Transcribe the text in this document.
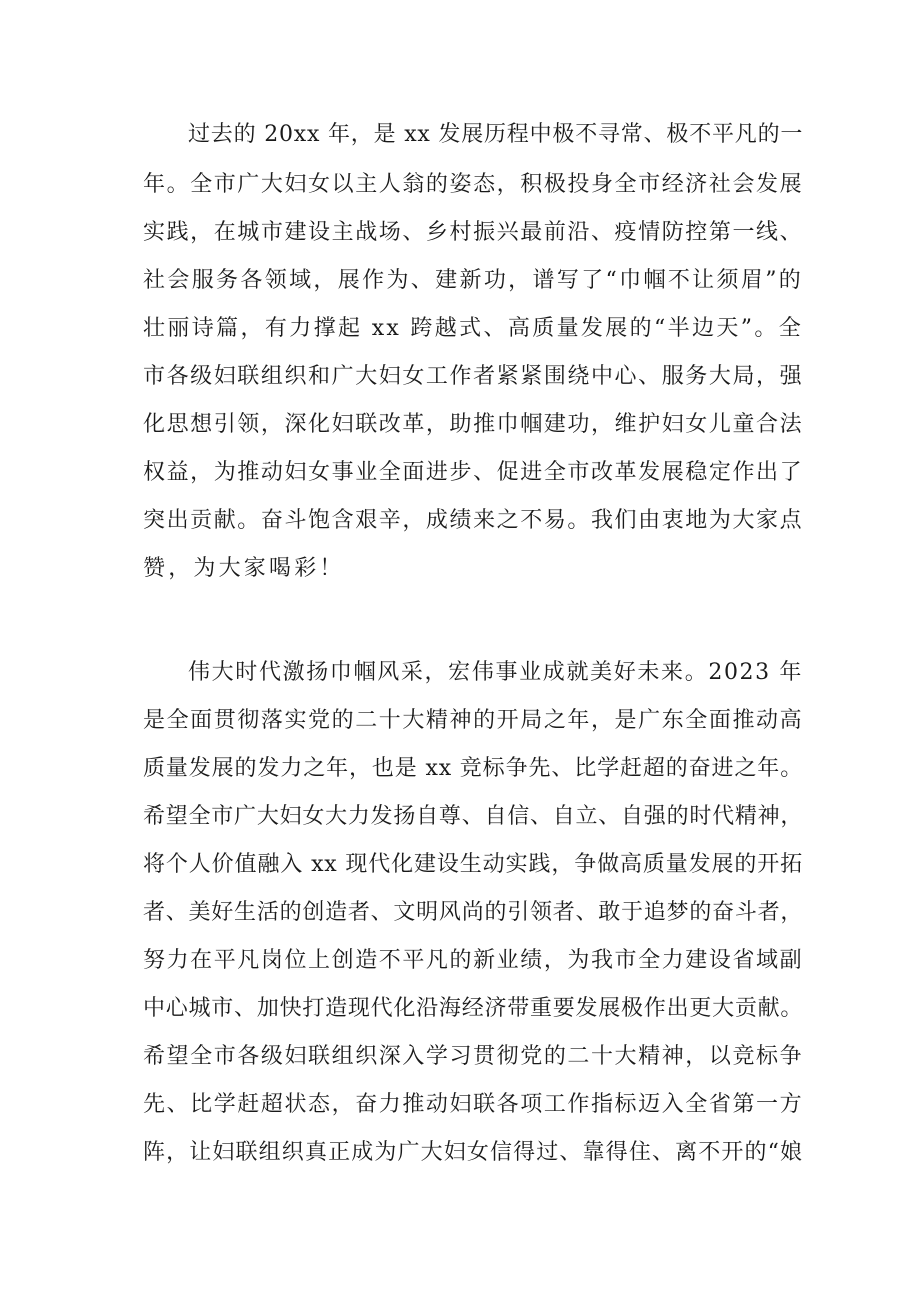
过去的 20xx 年，是 xx 发展历程中极不寻常、极不平凡的一
年。全市广大妇女以主人翁的姿态，积极投身全市经济社会发展
实践，在城市建设主战场、乡村振兴最前沿、疫情防控第一线、
社会服务各领域，展作为、建新功，谱写了“巾帼不让须眉”的
壮丽诗篇，有力撑起 xx 跨越式、高质量发展的“半边天”。全
市各级妇联组织和广大妇女工作者紧紧围绕中心、服务大局，强
化思想引领，深化妇联改革，助推巾帼建功，维护妇女儿童合法
权益，为推动妇女事业全面进步、促进全市改革发展稳定作出了
突出贡献。奋斗饱含艰辛，成绩来之不易。我们由衷地为大家点
赞，为大家喝彩！
伟大时代激扬巾帼风采，宏伟事业成就美好未来。2023 年
是全面贯彻落实党的二十大精神的开局之年，是广东全面推动高
质量发展的发力之年，也是 xx 竞标争先、比学赶超的奋进之年。
希望全市广大妇女大力发扬自尊、自信、自立、自强的时代精神，
将个人价值融入 xx 现代化建设生动实践，争做高质量发展的开拓
者、美好生活的创造者、文明风尚的引领者、敢于追梦的奋斗者，
努力在平凡岗位上创造不平凡的新业绩，为我市全力建设省域副
中心城市、加快打造现代化沿海经济带重要发展极作出更大贡献。
希望全市各级妇联组织深入学习贯彻党的二十大精神，以竞标争
先、比学赶超状态，奋力推动妇联各项工作指标迈入全省第一方
阵，让妇联组织真正成为广大妇女信得过、靠得住、离不开的“娘
